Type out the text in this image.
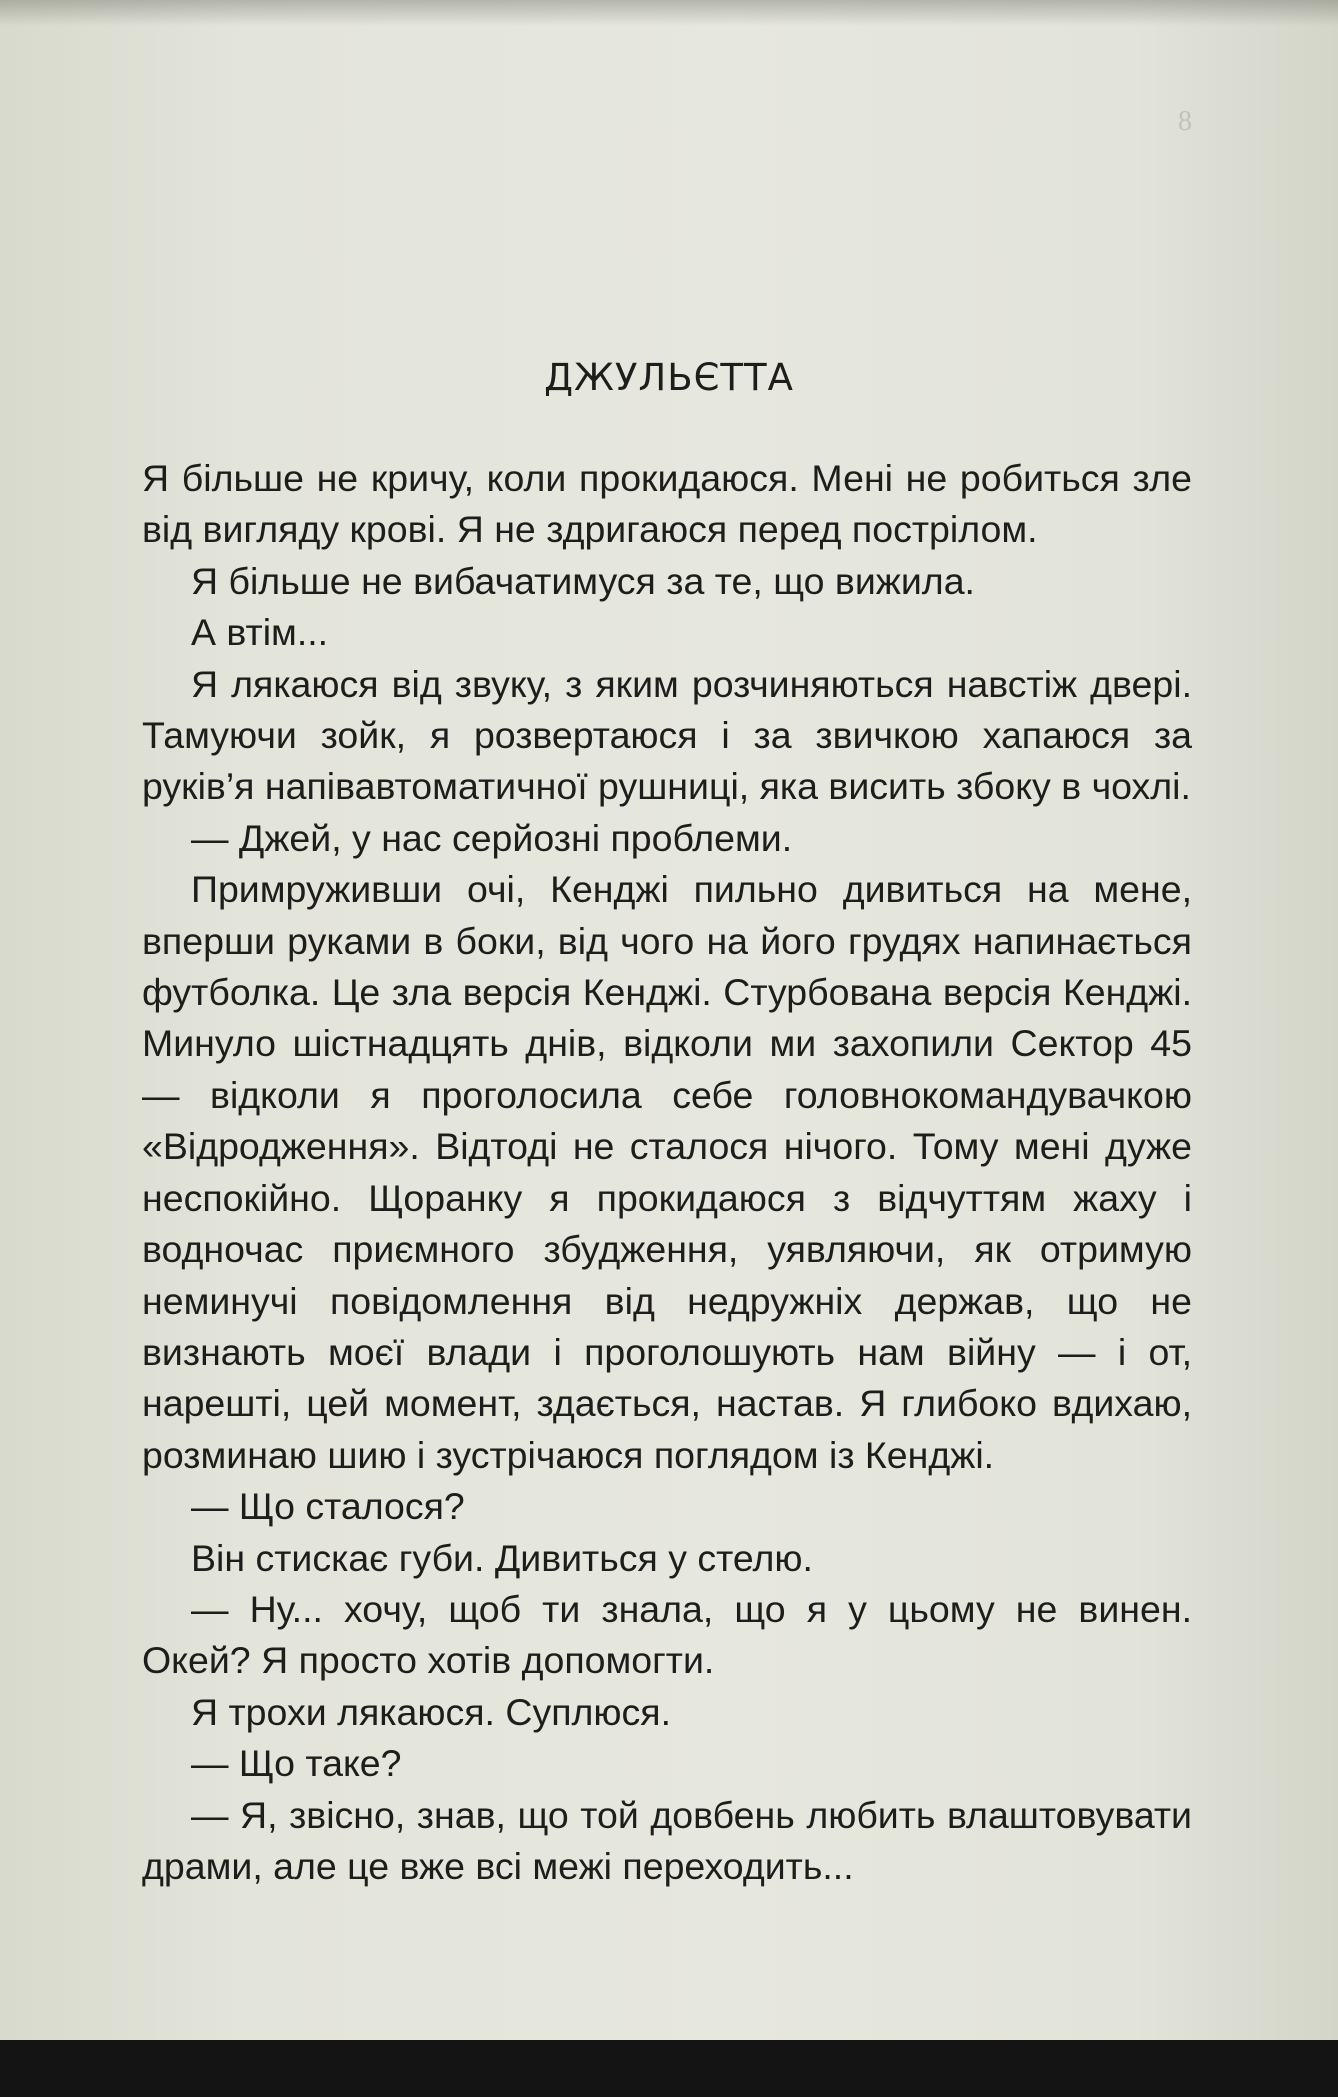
8
ДЖУЛЬЄТТА

Я більше не кричу, коли прокидаюся. Мені не робиться зле від вигляду крові. Я не здригаюся перед пострілом.

Я більше не вибачатимуся за те, що вижила.

А втім...

Я лякаюся від звуку, з яким розчиняються навстіж двері. Тамуючи зойк, я розвертаюся і за звичкою хапаюся за руків’я напівавтоматичної рушниці, яка висить збоку в чохлі.

— Джей, у нас серйозні проблеми.

Примруживши очі, Кенджі пильно дивиться на мене, вперши руками в боки, від чого на його грудях напинається футболка. Це зла версія Кенджі. Стурбована версія Кенджі. Минуло шістнадцять днів, відколи ми захопили Сектор 45 — відколи я проголосила себе головнокомандувачкою «Відродження». Відтоді не сталося нічого. Тому мені дуже неспокійно. Щоранку я прокидаюся з відчуттям жаху і водночас приємного збудження, уявляючи, як отримую неминучі повідомлення від недружніх держав, що не визнають моєї влади і проголошують нам війну — і от, нарешті, цей момент, здається, настав. Я глибоко вдихаю, розминаю шию і зустрічаюся поглядом із Кенджі.

— Що сталося?

Він стискає губи. Дивиться у стелю.

— Ну... хочу, щоб ти знала, що я у цьому не винен. Окей? Я просто хотів допомогти.

Я трохи лякаюся. Суплюся.

— Що таке?

— Я, звісно, знав, що той довбень любить влаштовувати драми, але це вже всі межі переходить...
